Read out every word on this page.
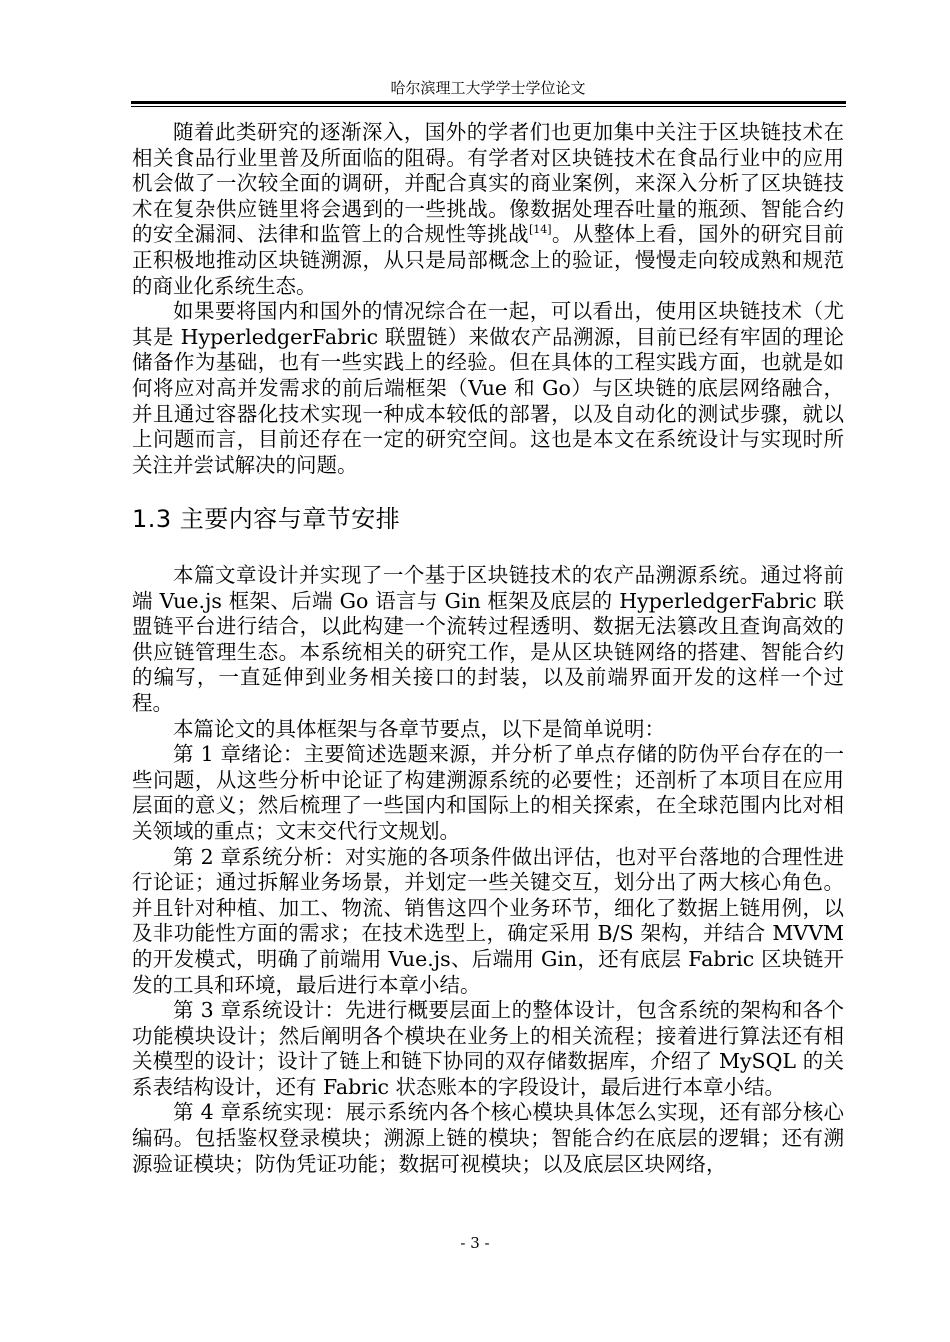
哈尔滨理工大学学士学位论文

随着此类研究的逐渐深入，国外的学者们也更加集中关注于区块链技术在相关食品行业里普及所面临的阻碍。有学者对区块链技术在食品行业中的应用机会做了一次较全面的调研，并配合真实的商业案例，来深入分析了区块链技术在复杂供应链里将会遇到的一些挑战。像数据处理吞吐量的瓶颈、智能合约的安全漏洞、法律和监管上的合规性等挑战[14]。从整体上看，国外的研究目前正积极地推动区块链溯源，从只是局部概念上的验证，慢慢走向较成熟和规范的商业化系统生态。

如果要将国内和国外的情况综合在一起，可以看出，使用区块链技术（尤其是 HyperledgerFabric 联盟链）来做农产品溯源，目前已经有牢固的理论储备作为基础，也有一些实践上的经验。但在具体的工程实践方面，也就是如何将应对高并发需求的前后端框架（Vue 和 Go）与区块链的底层网络融合，并且通过容器化技术实现一种成本较低的部署，以及自动化的测试步骤，就以上问题而言，目前还存在一定的研究空间。这也是本文在系统设计与实现时所关注并尝试解决的问题。

1.3 主要内容与章节安排

本篇文章设计并实现了一个基于区块链技术的农产品溯源系统。通过将前端 Vue.js 框架、后端 Go 语言与 Gin 框架及底层的 HyperledgerFabric 联盟链平台进行结合，以此构建一个流转过程透明、数据无法篡改且查询高效的供应链管理生态。本系统相关的研究工作，是从区块链网络的搭建、智能合约的编写，一直延伸到业务相关接口的封装，以及前端界面开发的这样一个过程。

本篇论文的具体框架与各章节要点，以下是简单说明：

第 1 章绪论：主要简述选题来源，并分析了单点存储的防伪平台存在的一些问题，从这些分析中论证了构建溯源系统的必要性；还剖析了本项目在应用层面的意义；然后梳理了一些国内和国际上的相关探索，在全球范围内比对相关领域的重点；文末交代行文规划。

第 2 章系统分析：对实施的各项条件做出评估，也对平台落地的合理性进行论证；通过拆解业务场景，并划定一些关键交互，划分出了两大核心角色。并且针对种植、加工、物流、销售这四个业务环节，细化了数据上链用例，以及非功能性方面的需求；在技术选型上，确定采用 B/S 架构，并结合 MVVM 的开发模式，明确了前端用 Vue.js、后端用 Gin，还有底层 Fabric 区块链开发的工具和环境，最后进行本章小结。

第 3 章系统设计：先进行概要层面上的整体设计，包含系统的架构和各个功能模块设计；然后阐明各个模块在业务上的相关流程；接着进行算法还有相关模型的设计；设计了链上和链下协同的双存储数据库，介绍了 MySQL 的关系表结构设计，还有 Fabric 状态账本的字段设计，最后进行本章小结。

第 4 章系统实现：展示系统内各个核心模块具体怎么实现，还有部分核心编码。包括鉴权登录模块；溯源上链的模块；智能合约在底层的逻辑；还有溯源验证模块；防伪凭证功能；数据可视模块；以及底层区块网络，

- 3 -
